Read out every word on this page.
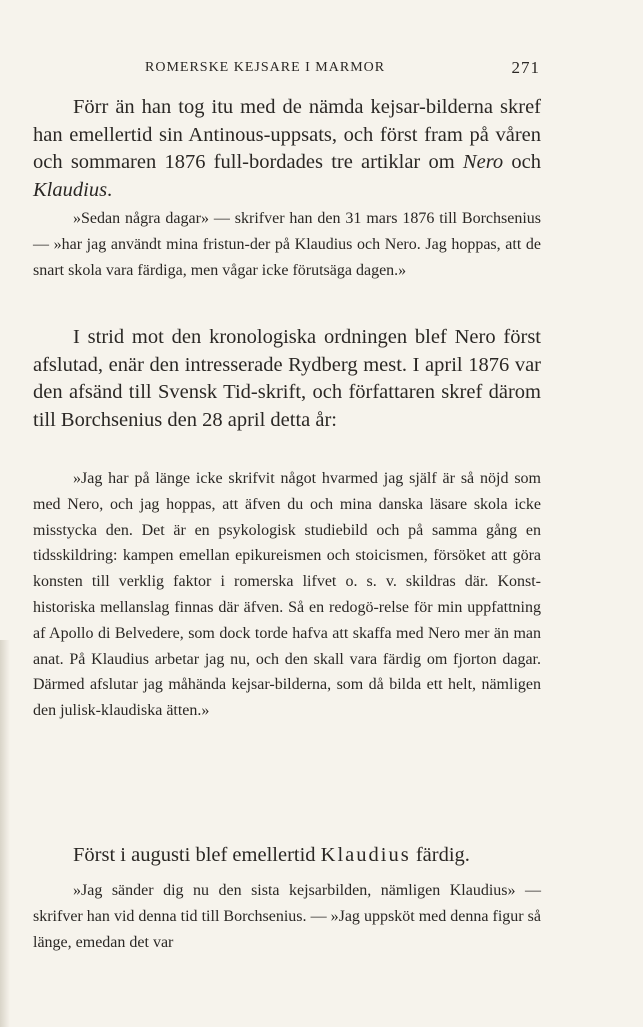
ROMERSKE KEJSARE I MARMOR	271

Förr än han tog itu med de nämda kejsar-bilderna skref han emellertid sin Antinous-uppsats, och först fram på våren och sommaren 1876 full-bordades tre artiklar om Nero och Klaudius.

»Sedan några dagar» — skrifver han den 31 mars 1876 till Borchsenius — »har jag användt mina fristun-der på Klaudius och Nero. Jag hoppas, att de snart skola vara färdiga, men vågar icke förutsäga dagen.»

I strid mot den kronologiska ordningen blef Nero först afslutad, enär den intresserade Rydberg mest. I april 1876 var den afsänd till Svensk Tid-skrift, och författaren skref därom till Borchsenius den 28 april detta år:

»Jag har på länge icke skrifvit något hvarmed jag själf är så nöjd som med Nero, och jag hoppas, att äfven du och mina danska läsare skola icke misstycka den. Det är en psykologisk studiebild och på samma gång en tidsskildring: kampen emellan epikureismen och stoicismen, försöket att göra konsten till verklig faktor i romerska lifvet o. s. v. skildras där. Konst-historiska mellanslag finnas där äfven. Så en redogö-relse för min uppfattning af Apollo di Belvedere, som dock torde hafva att skaffa med Nero mer än man anat. På Klaudius arbetar jag nu, och den skall vara färdig om fjorton dagar. Därmed afslutar jag måhända kejsar-bilderna, som då bilda ett helt, nämligen den julisk-klaudiska ätten.»

Först i augusti blef emellertid Klaudius färdig.

»Jag sänder dig nu den sista kejsarbilden, nämligen Klaudius» — skrifver han vid denna tid till Borchsenius. — »Jag uppsköt med denna figur så länge, emedan det var
